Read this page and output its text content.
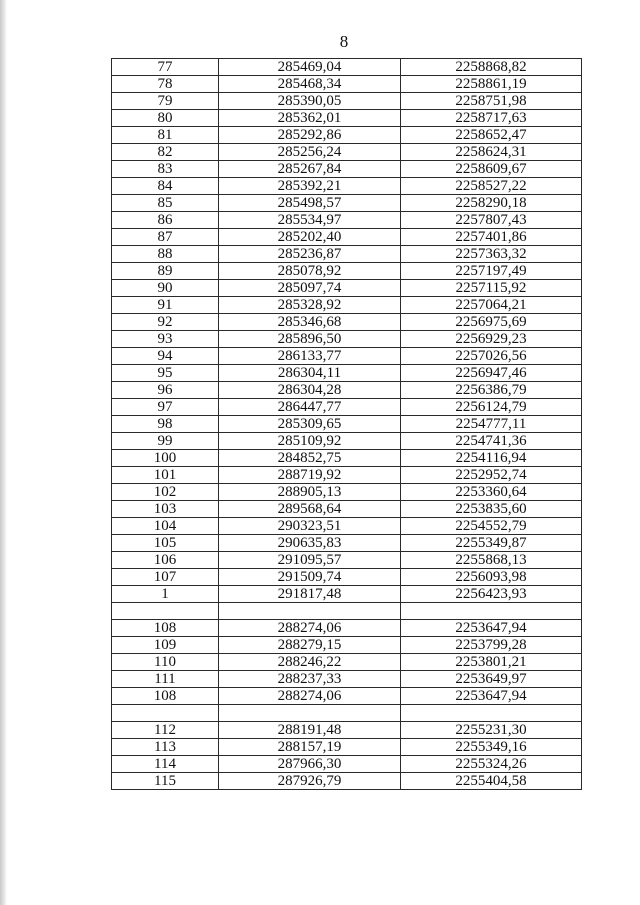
8
77	285469,04	2258868,82
78	285468,34	2258861,19
79	285390,05	2258751,98
80	285362,01	2258717,63
81	285292,86	2258652,47
82	285256,24	2258624,31
83	285267,84	2258609,67
84	285392,21	2258527,22
85	285498,57	2258290,18
86	285534,97	2257807,43
87	285202,40	2257401,86
88	285236,87	2257363,32
89	285078,92	2257197,49
90	285097,74	2257115,92
91	285328,92	2257064,21
92	285346,68	2256975,69
93	285896,50	2256929,23
94	286133,77	2257026,56
95	286304,11	2256947,46
96	286304,28	2256386,79
97	286447,77	2256124,79
98	285309,65	2254777,11
99	285109,92	2254741,36
100	284852,75	2254116,94
101	288719,92	2252952,74
102	288905,13	2253360,64
103	289568,64	2253835,60
104	290323,51	2254552,79
105	290635,83	2255349,87
106	291095,57	2255868,13
107	291509,74	2256093,98
1	291817,48	2256423,93

108	288274,06	2253647,94
109	288279,15	2253799,28
110	288246,22	2253801,21
111	288237,33	2253649,97
108	288274,06	2253647,94

112	288191,48	2255231,30
113	288157,19	2255349,16
114	287966,30	2255324,26
115	287926,79	2255404,58
